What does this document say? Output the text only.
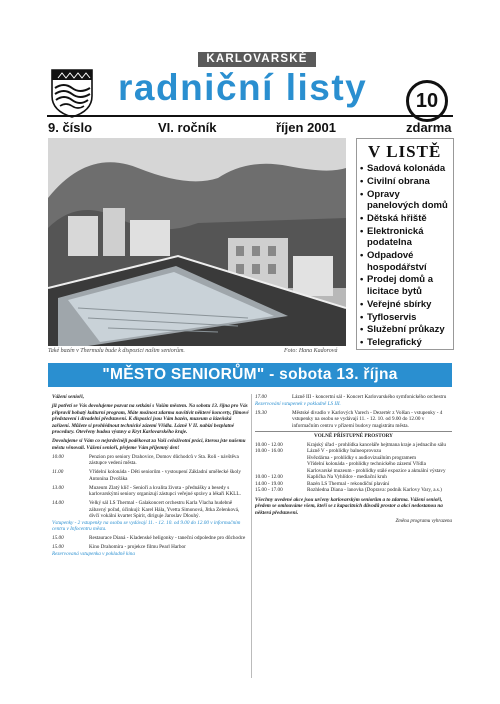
KARLOVARSKÉ
radniční listy	10
9. číslo	VI. ročník	říjen 2001	zdarma
Také bazén v Thermalu bude k dispozici našim seniorům.	Foto: Hana Kadorová
V LISTĚ
• Sadová kolonáda
• Civilní obrana
• Opravy panelových domů
• Dětská hřiště
• Elektronická podatelna
• Odpadové hospodářství
• Prodej domů a licitace bytů
• Veřejné sbírky
• Tyfloservis
• Služební průkazy
• Telegrafický
"MĚSTO SENIORŮM" - sobota 13. října

Vážení senioři,

již potřetí se Vás dovolujeme pozvat na setkání s Vaším městem. Na sobotu 13. října pro Vás připravil bohatý kulturní program, Máte možnost zdarma navštívit některé koncerty, filmové představení i divadelní představení. K dispozici jsou Vám bazén, muzeum a lázeňská zařízení. Můžete si prohlédnout technické zázemí Vřídla. Lázně V II. nabízí bezplatné procedury. Otevřeny budou výstavy a Kryt Karlovarského kraje.

Dovolujeme si Vám co nejsrdečněji poděkovat za Vaši celoživotní práci, kterou jste našemu městu věnovali. Vážení senioři, přejeme Vám příjemný den!

10.00	Penzion pro seniory Drahovice, Domov důchodců v Sta. Roli - návštěva zástupce vedení města.

11.00	Vřídelní kolonáda - Děti seniorům - vystoupení Základní umělecké školy Antonína Dvořáka

13.00	Muzeum Zlatý klíč - Senioři a kvalita života - přednášky a besedy s karlovarskými seniory organizují zástupci veřejné správy a lékaři KKLL.

14.00	Velký sál LS Thermal - Galakoncert orchestru Karla Vlacha hudebně zábavný pořad, účinkují: Karel Hála, Yvetta Simonová, Jitka Zelenková, dívčí vokální kvartet Spirit, diriguje Jaroslav Dlouhý.

Vstupenky - 2 vstupenky na osobu se vydávají 11. - 12. 10. od 9.00 do 12.00 v informačním centru v Infocentru města.

15.00	Restaurace Dianá - Kladenské heligonky - taneční odpoledne pro důchodce

15.00	Kino Drahomíra - projekce filmu Pearl Harbor

Rezervovaná vstupenka v pokladně kina

17.00	Lázně III - koncertní sál - Koncert Karlovarského symfonického orchestru

Rezervování vstupenek v pokladně LS III.

19.30	Městské divadlo v Karlových Varech - Dezertér z Volšan - vstupenky - 4 vstupenky na osobu se vydávají 11. - 12. 10. od 9.00 do 12.00 v informačním centru v přízemí budovy magistrátu města.
VOLNĚ PŘÍSTUPNÉ PROSTORY
10.00 - 12.00	Krajský úřad - prohlídka kanceláře hejtmana kraje a jednacího sálu
10.00 - 16.00	Lázně V - prohlídky balneoprovozu
Hvězdárna - prohlídky s audiovizuálním programem
Vřídelní kolonáda - prohlídky technického zázemí Vřídla
Karlovarské muzeum - prohlídky stálé expozice a aktuální výstavy
10.00 - 12.00	Kaplička Na Vyhlídce - mediační kruh
14.00 - 19.00	Bazén LS Thermal - rekondiční plavání
15.00 - 17.00	Rozhledna Diana - lanovka (Doprava: podnik Karlovy Vary, a.s.)

Všechny uvedené akce jsou určeny karlovarským seniorům a to zdarma. Vážení senioři, předem se omlouváme všem, kteří se z kapacitních důvodů prostor a akcí nedostanou na některá představení.

Změna programu vyhrazena
